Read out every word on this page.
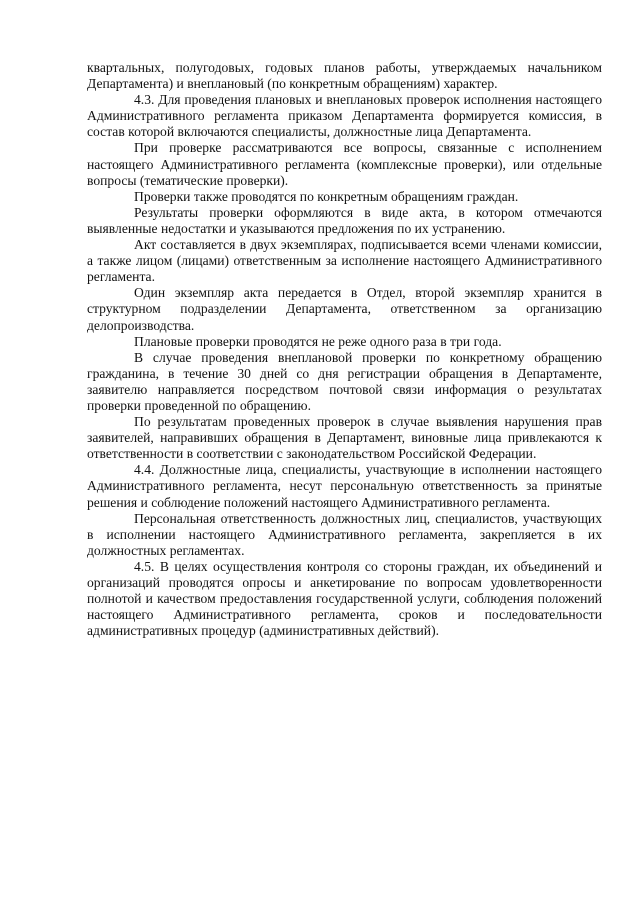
квартальных, полугодовых, годовых планов работы, утверждаемых начальником Департамента) и внеплановый (по конкретным обращениям) характер.

4.3. Для проведения плановых и внеплановых проверок исполнения настоящего Административного регламента приказом Департамента формируется комиссия, в состав которой включаются специалисты, должностные лица Департамента.

При проверке рассматриваются все вопросы, связанные с исполнением настоящего Административного регламента (комплексные проверки), или отдельные вопросы (тематические проверки).

Проверки также проводятся по конкретным обращениям граждан.

Результаты проверки оформляются в виде акта, в котором отмечаются выявленные недостатки и указываются предложения по их устранению.

Акт составляется в двух экземплярах, подписывается всеми членами комиссии, а также лицом (лицами) ответственным за исполнение настоящего Административного регламента.

Один экземпляр акта передается в Отдел, второй экземпляр хранится в структурном подразделении Департамента, ответственном за организацию делопроизводства.

Плановые проверки проводятся не реже одного раза в три года.

В случае проведения внеплановой проверки по конкретному обращению гражданина, в течение 30 дней со дня регистрации обращения в Департаменте, заявителю направляется посредством почтовой связи информация о результатах проверки проведенной по обращению.

По результатам проведенных проверок в случае выявления нарушения прав заявителей, направивших обращения в Департамент, виновные лица привлекаются к ответственности в соответствии с законодательством Российской Федерации.

4.4. Должностные лица, специалисты, участвующие в исполнении настоящего Административного регламента, несут персональную ответственность за принятые решения и соблюдение положений настоящего Административного регламента.

Персональная ответственность должностных лиц, специалистов, участвующих в исполнении настоящего Административного регламента, закрепляется в их должностных регламентах.

4.5. В целях осуществления контроля со стороны граждан, их объединений и организаций проводятся опросы и анкетирование по вопросам удовлетворенности полнотой и качеством предоставления государственной услуги, соблюдения положений настоящего Административного регламента, сроков и последовательности административных процедур (административных действий).
